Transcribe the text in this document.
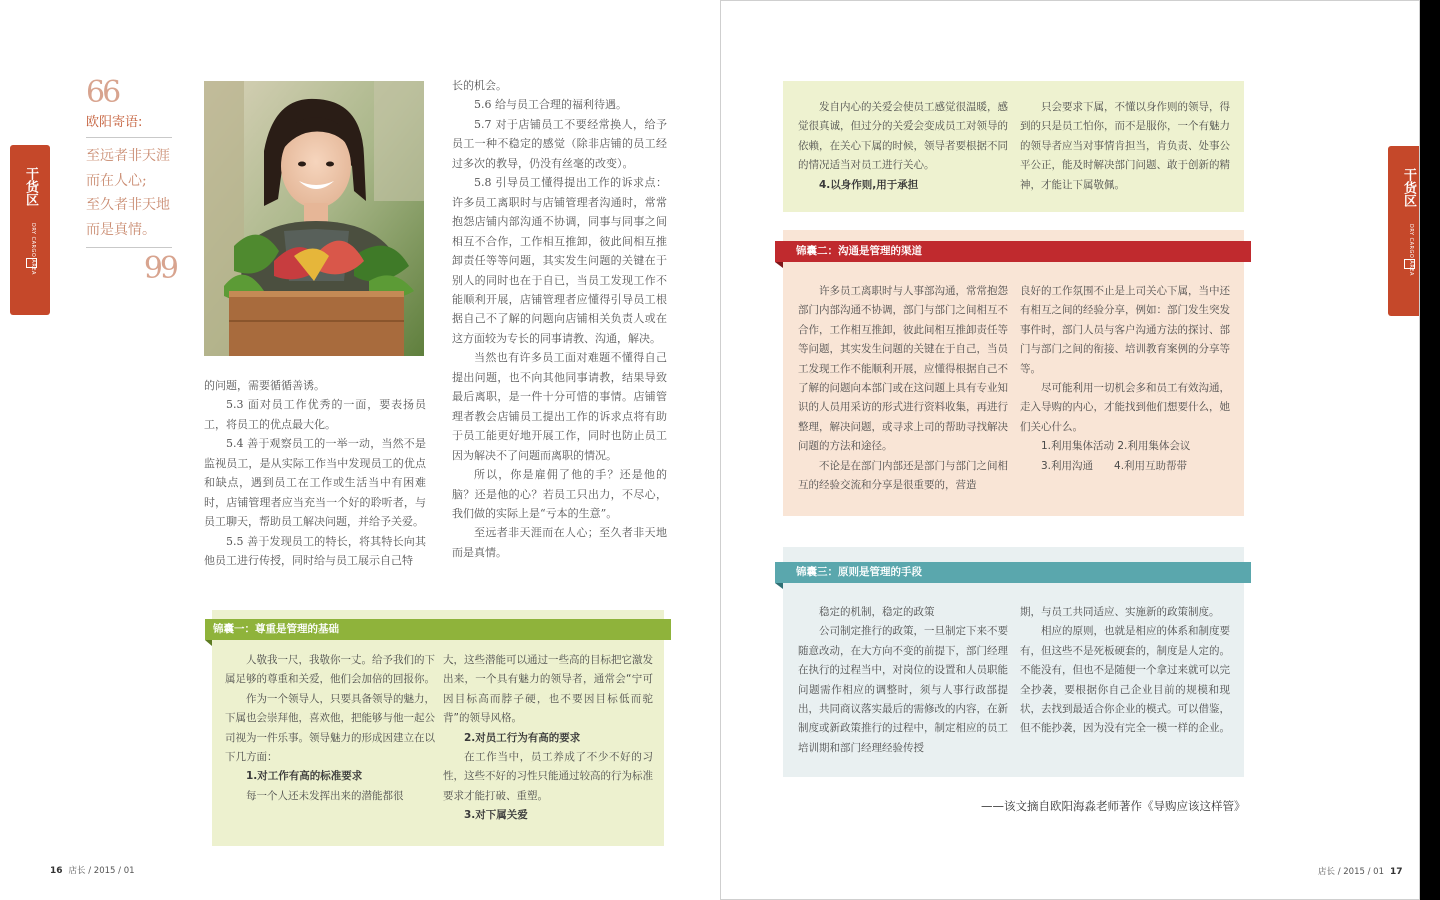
干货区
DRY CARGO AREA
66
欧阳寄语:
至远者非天涯
而在人心;
至久者非天地
而是真情。
99

的问题，需要循循善诱。

5.3 面对员工作优秀的一面，要表扬员工，将员工的优点最大化。

5.4 善于观察员工的一举一动，当然不是监视员工，是从实际工作当中发现员工的优点和缺点，遇到员工在工作或生活当中有困难时，店铺管理者应当充当一个好的聆听者，与员工聊天，帮助员工解决问题，并给予关爱。

5.5 善于发现员工的特长，将其特长向其他员工进行传授，同时给与员工展示自己特

长的机会。

5.6 给与员工合理的福利待遇。

5.7 对于店铺员工不要经常换人，给予员工一种不稳定的感觉（除非店铺的员工经过多次的教导，仍没有丝毫的改变）。

5.8 引导员工懂得提出工作的诉求点：许多员工离职时与店铺管理者沟通时，常常抱怨店铺内部沟通不协调，同事与同事之间相互不合作，工作相互推卸，彼此间相互推卸责任等等问题，其实发生问题的关键在于别人的同时也在于自已，当员工发现工作不能顺利开展，店铺管理者应懂得引导员工根据自己不了解的问题向店铺相关负责人或在这方面较为专长的同事请教、沟通，解决。

当然也有许多员工面对难题不懂得自己提出问题，也不向其他同事请教，结果导致最后离职，是一件十分可惜的事情。店铺管理者教会店铺员工提出工作的诉求点将有助于员工能更好地开展工作，同时也防止员工因为解决不了问题而离职的情况。

所以，你是雇佣了他的手？还是他的脑？还是他的心？若员工只出力，不尽心，我们做的实际上是“亏本的生意”。

至远者非天涯而在人心；至久者非天地而是真情。

锦囊一：尊重是管理的基础

人敬我一尺，我敬你一丈。给予我们的下属足够的尊重和关爱，他们会加倍的回报你。

作为一个领导人，只要具备领导的魅力，下属也会崇拜他，喜欢他，把能够与他一起公司视为一件乐事。领导魅力的形成因建立在以下几方面：

1.对工作有高的标准要求

每一个人还未发挥出来的潜能都很

大，这些潜能可以通过一些高的目标把它激发出来，一个具有魅力的领导者，通常会“宁可因目标高而脖子硬，也不要因目标低而驼背”的领导风格。

2.对员工行为有高的要求

在工作当中，员工养成了不少不好的习性，这些不好的习性只能通过较高的行为标准要求才能打破、重塑。

3.对下属关爱

16 店长 / 2015 / 01
干货区
DRY CARGO AREA

发自内心的关爱会使员工感觉很温暖，感觉很真诚，但过分的关爱会变成员工对领导的依赖，在关心下属的时候，领导者要根据不同的情况适当对员工进行关心。

4.以身作则,用于承担

只会要求下属，不懂以身作则的领导，得到的只是员工怕你，而不是服你，一个有魅力的领导者应当对事情肯担当，肯负责、处事公平公正，能及时解决部门问题、敢于创新的精神，才能让下属敬佩。

锦囊二：沟通是管理的渠道

许多员工离职时与人事部沟通，常常抱怨部门内部沟通不协调，部门与部门之间相互不合作，工作相互推卸，彼此间相互推卸责任等等问题，其实发生问题的关键在于自己，当员工发现工作不能顺利开展，应懂得根据自己不了解的问题向本部门或在这问题上具有专业知识的人员用采访的形式进行资料收集，再进行整理，解决问题，或寻求上司的帮助寻找解决问题的方法和途径。

不论是在部门内部还是部门与部门之间相互的经验交流和分享是很重要的，营造

良好的工作氛围不止是上司关心下属，当中还有相互之间的经验分享，例如：部门发生突发事件时，部门人员与客户沟通方法的探讨、部门与部门之间的衔接、培训教育案例的分享等等。

尽可能利用一切机会多和员工有效沟通，走入导购的内心，才能找到他们想要什么，她们关心什么。

1.利用集体活动 2.利用集体会议

3.利用沟通　　4.利用互助帮带

锦囊三：原则是管理的手段

稳定的机制，稳定的政策

公司制定推行的政策，一旦制定下来不要随意改动，在大方向不变的前提下，部门经理在执行的过程当中，对岗位的设置和人员职能问题需作相应的调整时，须与人事行政部提出，共同商议落实最后的需修改的内容，在新制度或新政策推行的过程中，制定相应的员工培训期和部门经理经验传授

期，与员工共同适应、实施新的政策制度。

相应的原则，也就是相应的体系和制度要有，但这些不是死板硬套的，制度是人定的。不能没有，但也不是随便一个拿过来就可以完全抄袭，要根据你自己企业目前的规模和现状，去找到最适合你企业的模式。可以借鉴，但不能抄袭，因为没有完全一模一样的企业。

——该文摘自欧阳海淼老师著作《导购应该这样管》
店长 / 2015 / 01 17
